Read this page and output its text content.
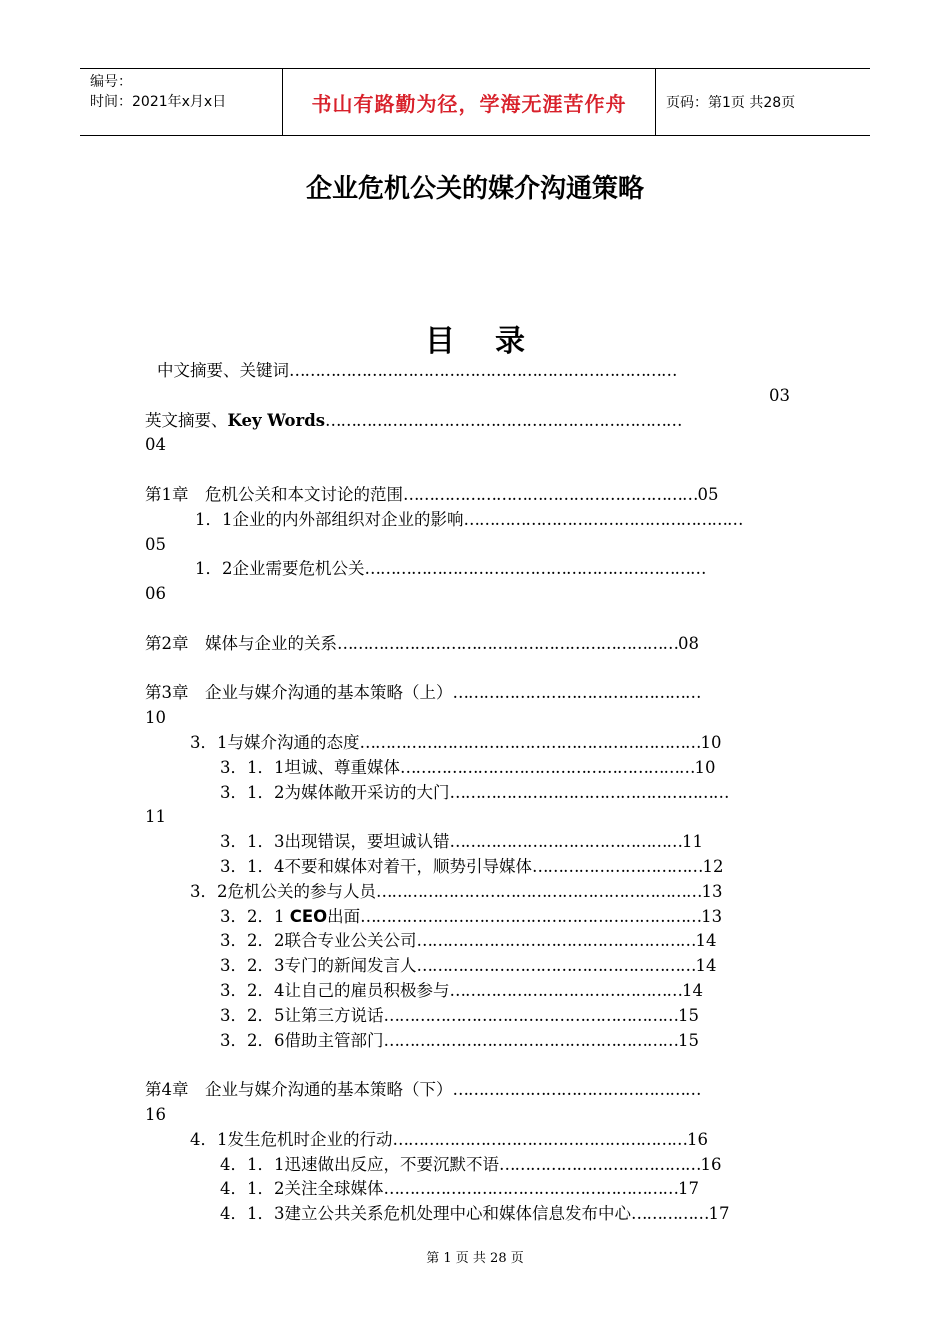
编号：
时间：2021年x月x日	书山有路勤为径，学海无涯苦作舟	页码：第1页 共28页
企业危机公关的媒介沟通策略
目录
中文摘要、关键词…………………………………………………………………
03
英文摘要、Key Words……………………………………………………………
04
第1章　危机公关和本文讨论的范围…………………………………………………05
1．1企业的内外部组织对企业的影响………………………………………………
05
1．2企业需要危机公关…………………………………………………………
06
第2章　媒体与企业的关系…………………………………………………………08
第3章　企业与媒介沟通的基本策略（上）…………………………………………
10
3．1与媒介沟通的态度…………………………………………………………10
3．1．1坦诚、尊重媒体…………………………………………………10
3．1．2为媒体敞开采访的大门………………………………………………
11
3．1．3出现错误，要坦诚认错………………………………………11
3．1．4不要和媒体对着干，顺势引导媒体……………………………12
3．2危机公关的参与人员………………………………………………………13
3．2．1 CEO出面…………………………………………………………13
3．2．2联合专业公关公司………………………………………………14
3．2．3专门的新闻发言人………………………………………………14
3．2．4让自己的雇员积极参与………………………………………14
3．2．5让第三方说话…………………………………………………15
3．2．6借助主管部门…………………………………………………15
第4章　企业与媒介沟通的基本策略（下）…………………………………………
16
4．1发生危机时企业的行动…………………………………………………16
4．1．1迅速做出反应，不要沉默不语…………………………………16
4．1．2关注全球媒体…………………………………………………17
4．1．3建立公共关系危机处理中心和媒体信息发布中心……………17
第 1 页 共 28 页
